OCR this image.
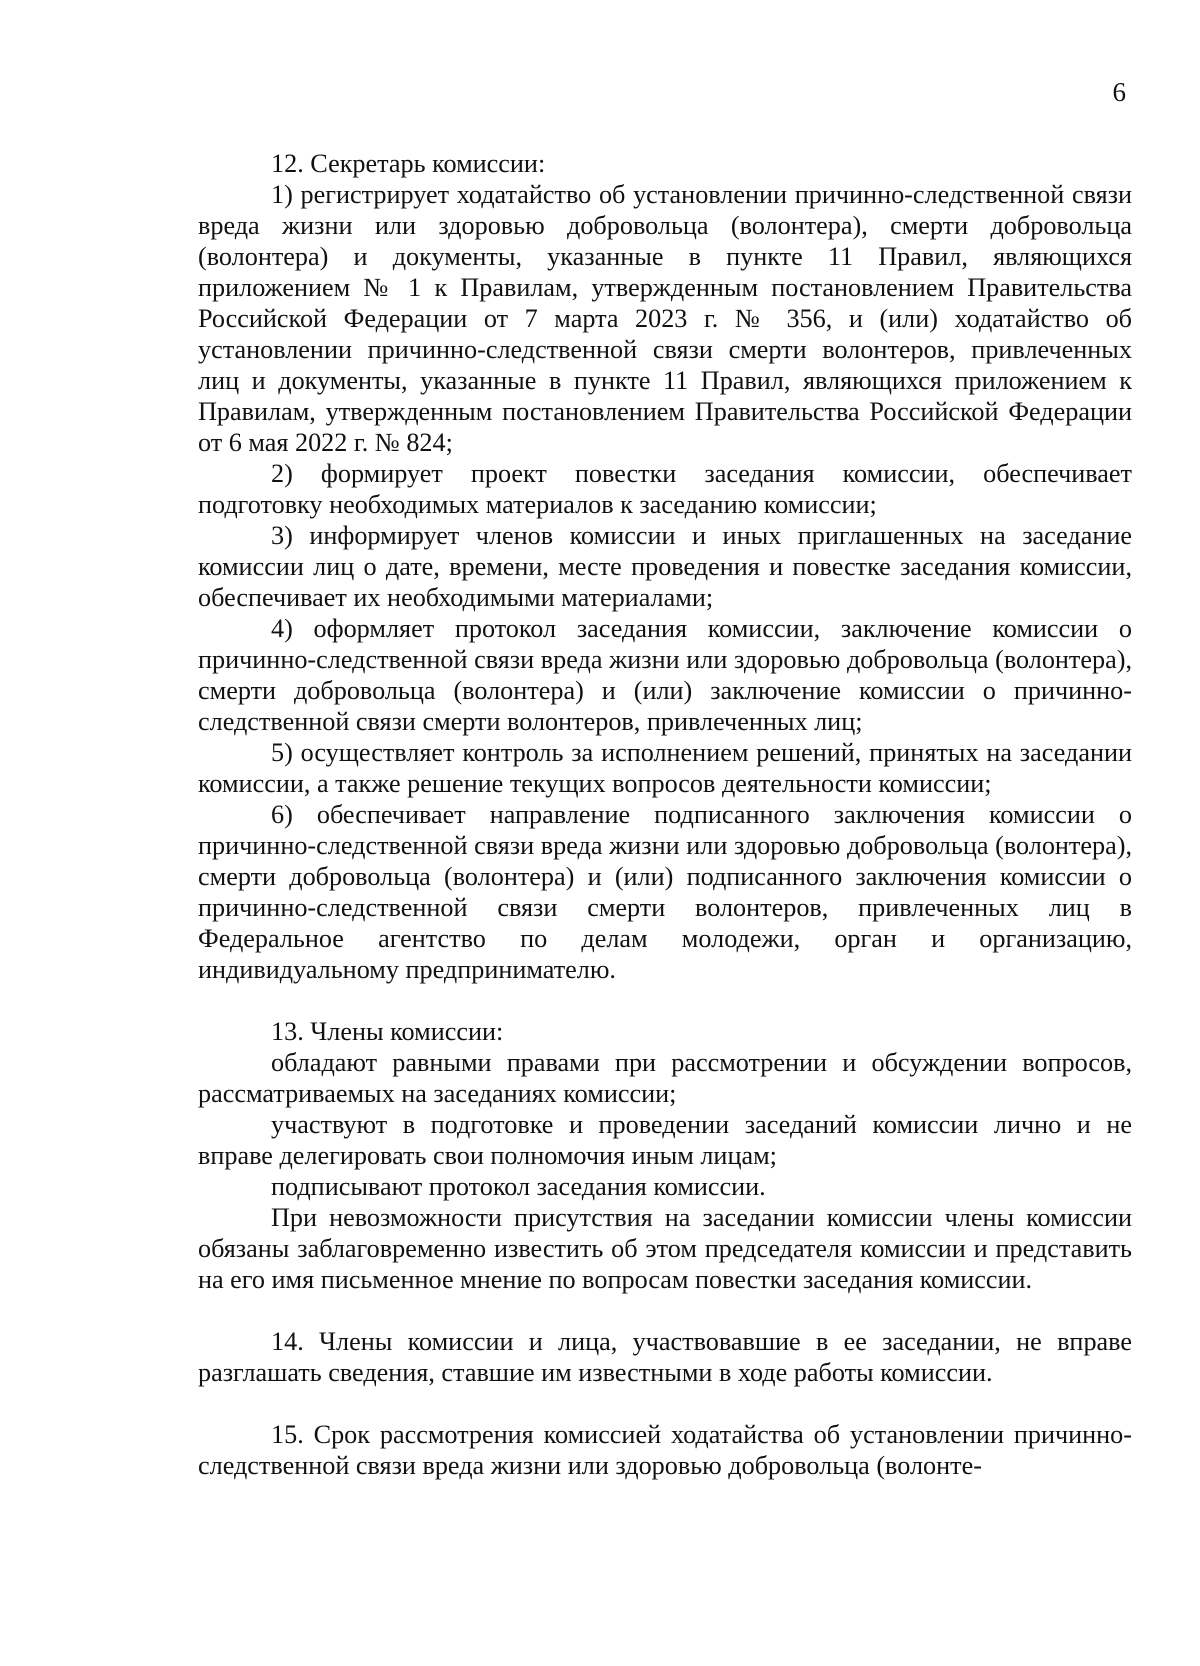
6

12. Секретарь комиссии:

1) регистрирует ходатайство об установлении причинно-следственной связи вреда жизни или здоровью добровольца (волонтера), смерти добровольца (волонтера) и документы, указанные в пункте 11 Правил, являющихся приложением № 1 к Правилам, утвержденным постановлением Правительства Российской Федерации от 7 марта 2023 г. № 356, и (или) ходатайство об установлении причинно-следственной связи смерти волонтеров, привлеченных лиц и документы, указанные в пункте 11 Правил, являющихся приложением к Правилам, утвержденным постановлением Правительства Российской Федерации от 6 мая 2022 г. № 824;

2) формирует проект повестки заседания комиссии, обеспечивает подготовку необходимых материалов к заседанию комиссии;

3) информирует членов комиссии и иных приглашенных на заседание комиссии лиц о дате, времени, месте проведения и повестке заседания комиссии, обеспечивает их необходимыми материалами;

4) оформляет протокол заседания комиссии, заключение комиссии о причинно-следственной связи вреда жизни или здоровью добровольца (волонтера), смерти добровольца (волонтера) и (или) заключение комиссии о причинно-следственной связи смерти волонтеров, привлеченных лиц;

5) осуществляет контроль за исполнением решений, принятых на заседании комиссии, а также решение текущих вопросов деятельности комиссии;

6) обеспечивает направление подписанного заключения комиссии о причинно-следственной связи вреда жизни или здоровью добровольца (волонтера), смерти добровольца (волонтера) и (или) подписанного заключения комиссии о причинно-следственной связи смерти волонтеров, привлеченных лиц в Федеральное агентство по делам молодежи, орган и организацию, индивидуальному предпринимателю.

13. Члены комиссии:

обладают равными правами при рассмотрении и обсуждении вопросов, рассматриваемых на заседаниях комиссии;

участвуют в подготовке и проведении заседаний комиссии лично и не вправе делегировать свои полномочия иным лицам;

подписывают протокол заседания комиссии.

При невозможности присутствия на заседании комиссии члены комиссии обязаны заблаговременно известить об этом председателя комиссии и представить на его имя письменное мнение по вопросам повестки заседания комиссии.

14. Члены комиссии и лица, участвовавшие в ее заседании, не вправе разглашать сведения, ставшие им известными в ходе работы комиссии.

15. Срок рассмотрения комиссией ходатайства об установлении причинно-следственной связи вреда жизни или здоровью добровольца (волонте-
